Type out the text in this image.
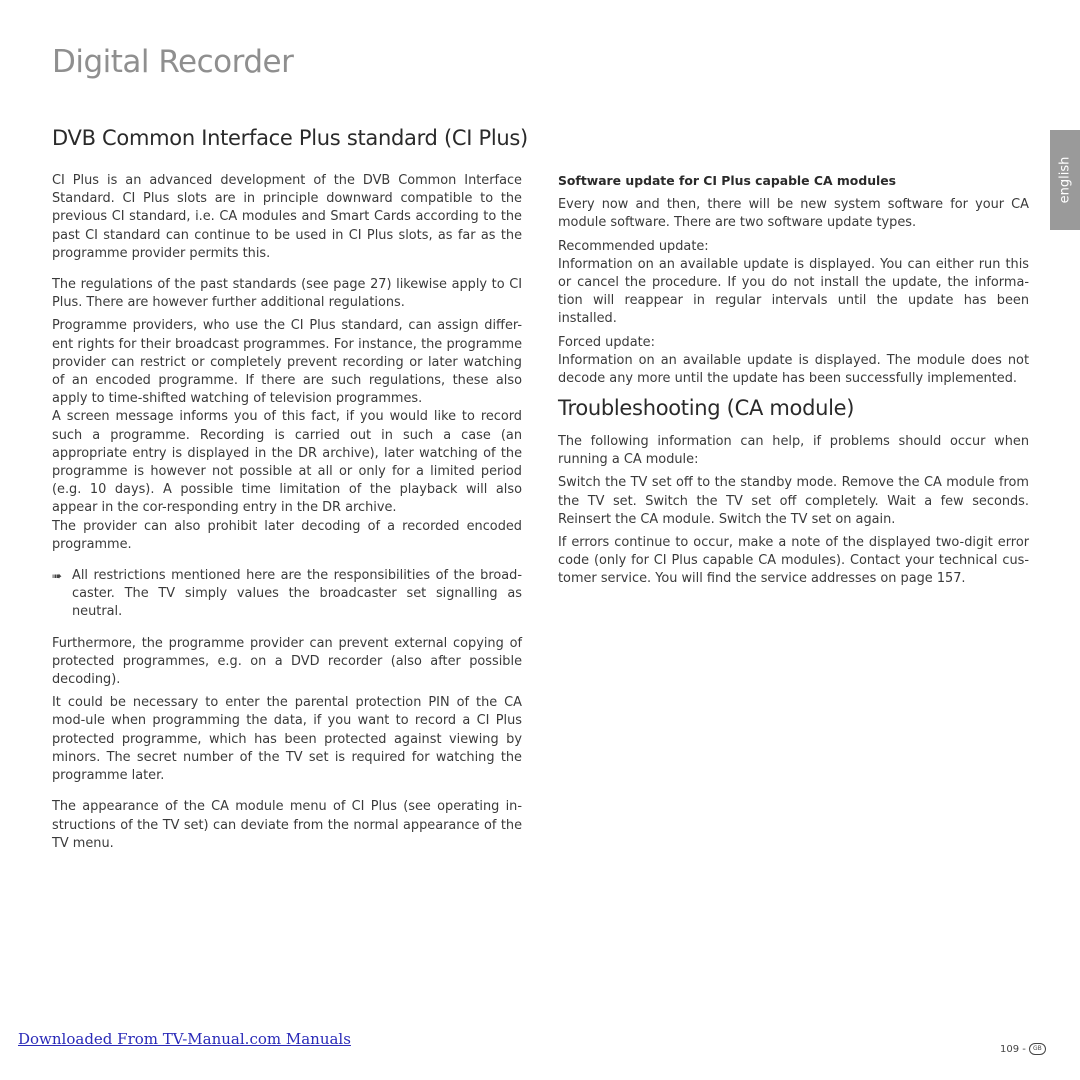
Digital Recorder
english
DVB Common Interface Plus standard (CI Plus)

CI Plus is an advanced development of the DVB Common Interface Standard. CI Plus slots are in principle downward compatible to the previous CI standard, i.e. CA modules and Smart Cards according to the past CI standard can continue to be used in CI Plus slots, as far as the programme provider permits this.

The regulations of the past standards (see page 27) likewise apply to CI Plus. There are however further additional regulations.

Programme providers, who use the CI Plus standard, can assign differ-ent rights for their broadcast programmes. For instance, the programme provider can restrict or completely prevent recording or later watching of an encoded programme. If there are such regulations, these also apply to time-shifted watching of television programmes.

A screen message informs you of this fact, if you would like to record such a programme. Recording is carried out in such a case (an appropriate entry is displayed in the DR archive), later watching of the programme is however not possible at all or only for a limited period (e.g. 10 days). A possible time limitation of the playback will also appear in the cor-responding entry in the DR archive.

The provider can also prohibit later decoding of a recorded encoded programme.

➠ All restrictions mentioned here are the responsibilities of the broad-caster. The TV simply values the broadcaster set signalling as neutral.

Furthermore, the programme provider can prevent external copying of protected programmes, e.g. on a DVD recorder (also after possible decoding).

It could be necessary to enter the parental protection PIN of the CA mod-ule when programming the data, if you want to record a CI Plus protected programme, which has been protected against viewing by minors. The secret number of the TV set is required for watching the programme later.

The appearance of the CA module menu of CI Plus (see operating in-structions of the TV set) can deviate from the normal appearance of the TV menu.

Software update for CI Plus capable CA modules

Every now and then, there will be new system software for your CA module software. There are two software update types.

Recommended update:

Information on an available update is displayed. You can either run this or cancel the procedure. If you do not install the update, the informa-tion will reappear in regular intervals until the update has been installed.

Forced update:

Information on an available update is displayed. The module does not decode any more until the update has been successfully implemented.

Troubleshooting (CA module)

The following information can help, if problems should occur when running a CA module:

Switch the TV set off to the standby mode. Remove the CA module from the TV set. Switch the TV set off completely. Wait a few seconds. Reinsert the CA module. Switch the TV set on again.

If errors continue to occur, make a note of the displayed two-digit error code (only for CI Plus capable CA modules). Contact your technical cus-tomer service. You will find the service addresses on page 157.

Downloaded From TV-Manual.com Manuals
109 -	GB
